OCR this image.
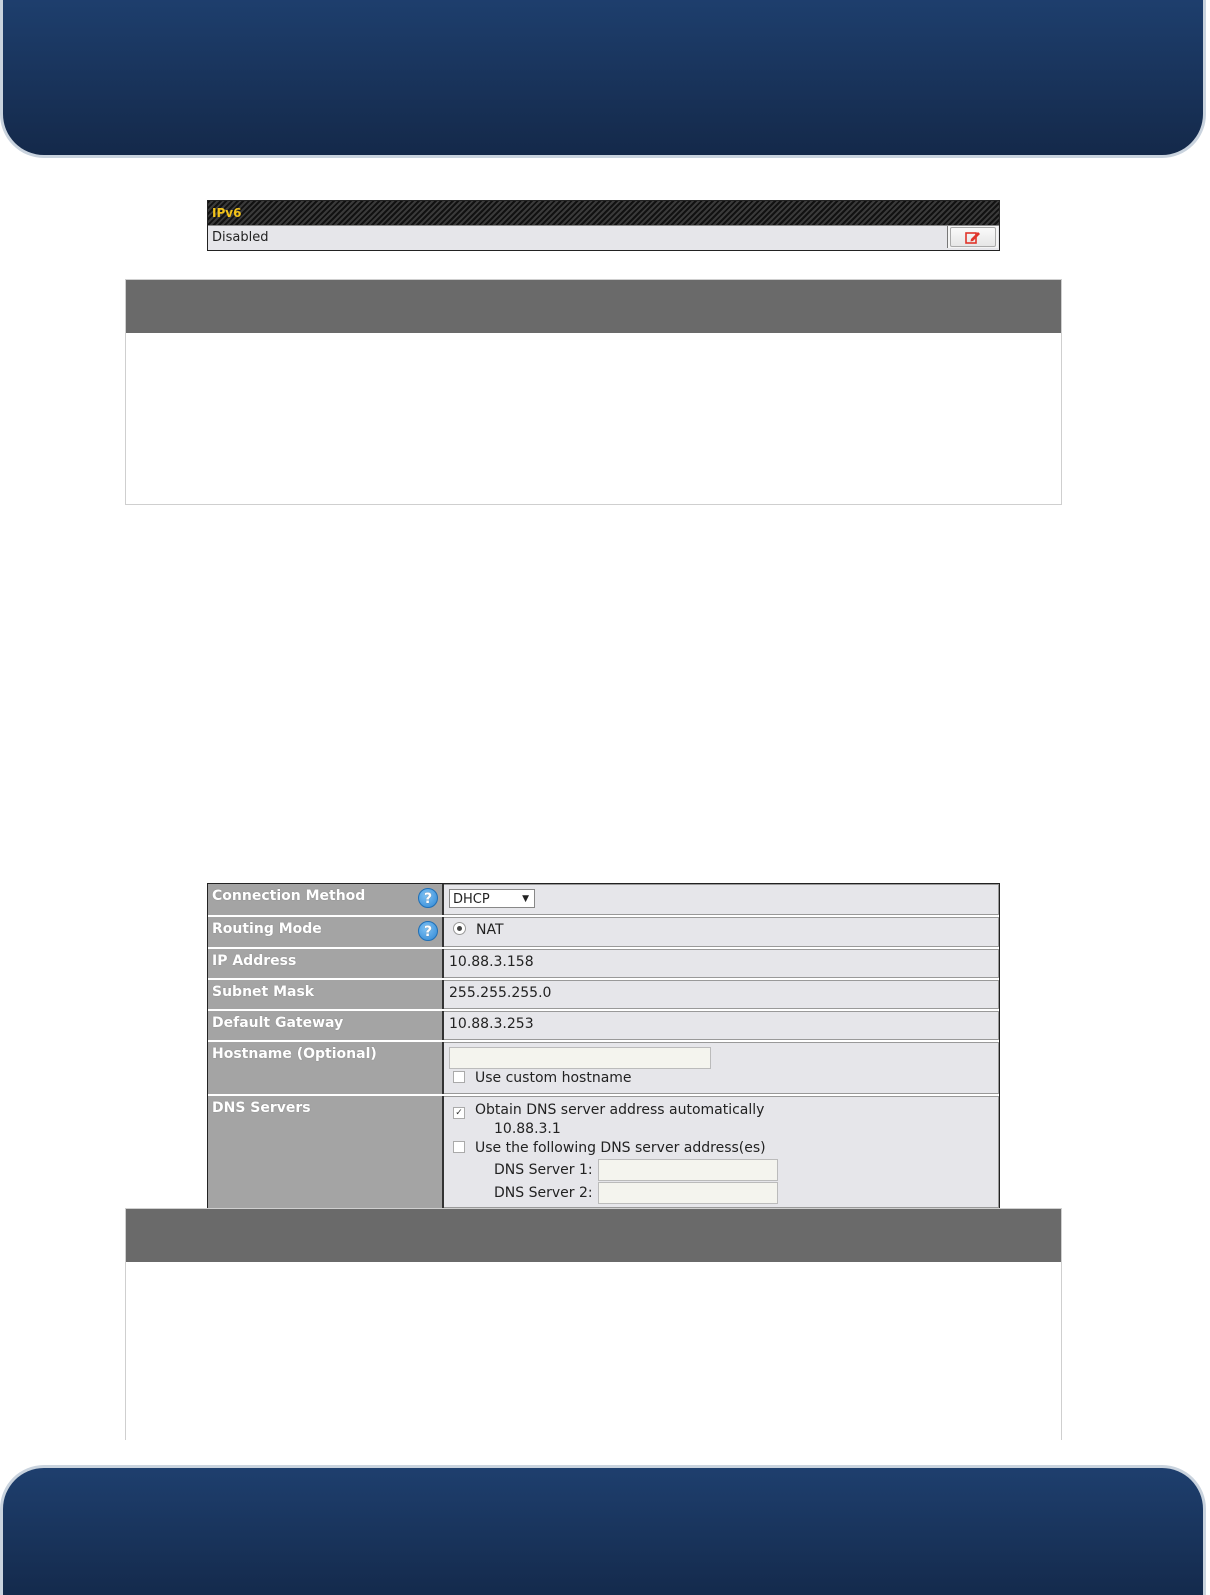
IPv6
Disabled
Connection Method	?	DHCP	▼
Routing Mode	?	NAT
IP Address	10.88.3.158
Subnet Mask	255.255.255.0
Default Gateway	10.88.3.253
Hostname (Optional)
Use custom hostname
DNS Servers	✓ Obtain DNS server address automatically
10.88.3.1
Use the following DNS server address(es)
DNS Server 1:
DNS Server 2:
